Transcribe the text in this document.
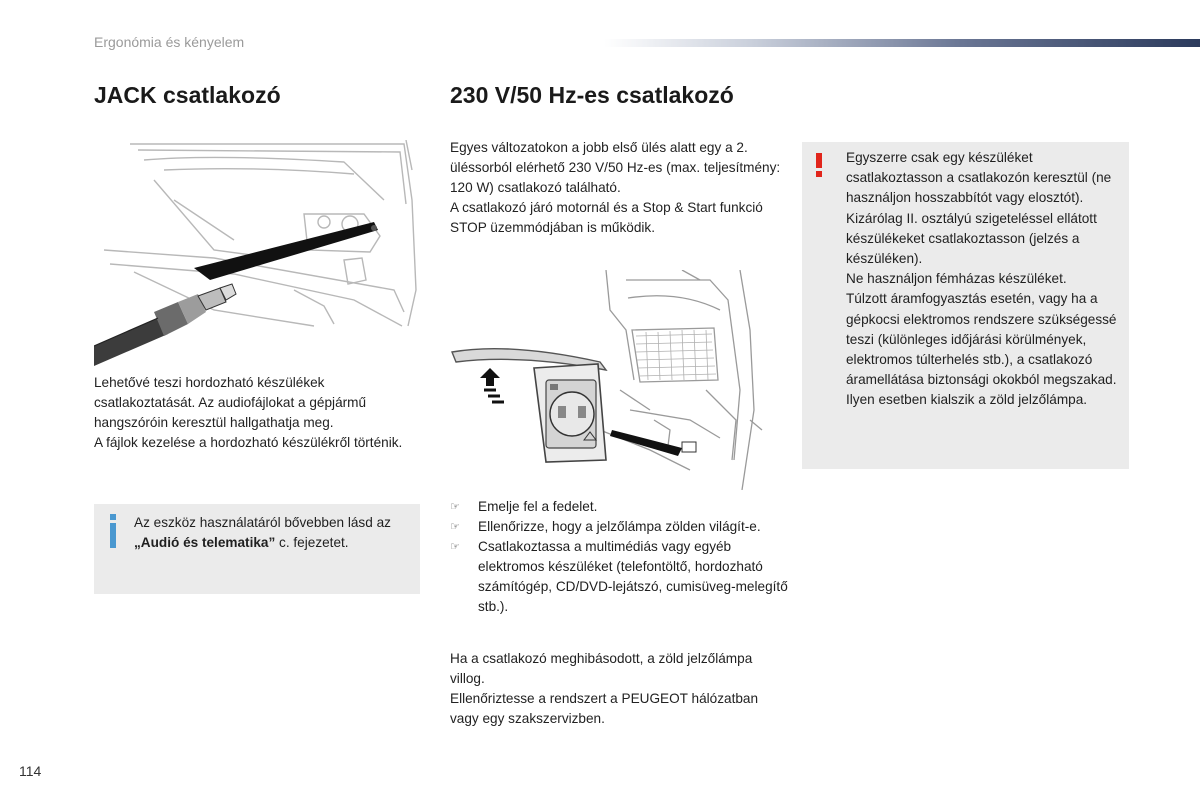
Ergonómia és kényelem
JACK csatlakozó

Lehetővé teszi hordozható készülékek csatlakoztatását. Az audiofájlokat a gépjármű hangszóróin keresztül hallgathatja meg.

A fájlok kezelése a hordozható készülékről történik.

Az eszköz használatáról bővebben lásd az „Audió és telematika” c. fejezetet.
230 V/50 Hz-es csatlakozó

Egyes változatokon a jobb első ülés alatt egy a 2. üléssorból elérhető 230 V/50 Hz-es (max. teljesítmény: 120 W) csatlakozó található.

A csatlakozó járó motornál és a Stop & Start funkció STOP üzemmódjában is működik.

☞ Emelje fel a fedelet.
☞ Ellenőrizze, hogy a jelzőlámpa zölden világít-e.
☞ Csatlakoztassa a multimédiás vagy egyéb elektromos készüléket (telefontöltő, hordozható számítógép, CD/DVD-lejátszó, cumisüveg-melegítő stb.).

Ha a csatlakozó meghibásodott, a zöld jelzőlámpa villog.

Ellenőriztesse a rendszert a PEUGEOT hálózatban vagy egy szakszervizben.

Egyszerre csak egy készüléket csatlakoztasson a csatlakozón keresztül (ne használjon hosszabbítót vagy elosztót).

Kizárólag II. osztályú szigeteléssel ellátott készülékeket csatlakoztasson (jelzés a készüléken).

Ne használjon fémházas készüléket.

Túlzott áramfogyasztás esetén, vagy ha a gépkocsi elektromos rendszere szükségessé teszi (különleges időjárási körülmények, elektromos túlterhelés stb.), a csatlakozó áramellátása biztonsági okokból megszakad. Ilyen esetben kialszik a zöld jelzőlámpa.

114
